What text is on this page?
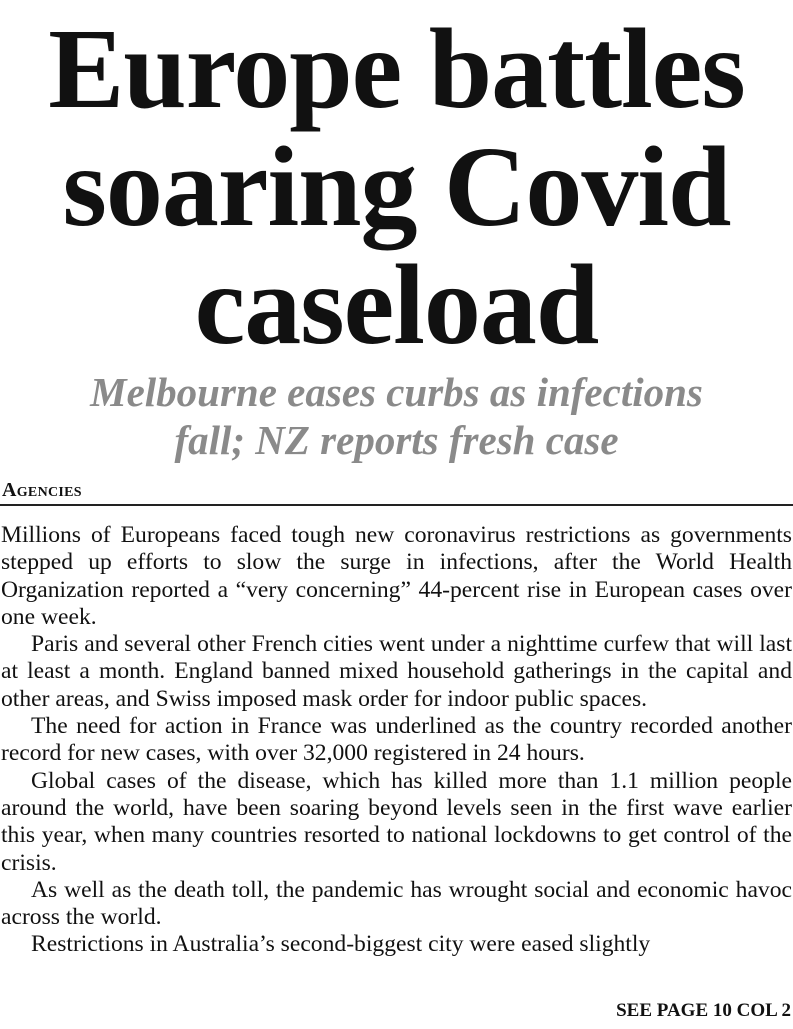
Europe battles
soaring Covid
caseload
Melbourne eases curbs as infections
fall; NZ reports fresh case
Agencies

Millions of Europeans faced tough new coronavirus restrictions as governments stepped up efforts to slow the surge in infections, after the World Health Organization reported a “very concerning” 44-percent rise in European cases over one week.

Paris and several other French cities went under a nighttime curfew that will last at least a month. England banned mixed household gatherings in the capital and other areas, and Swiss imposed mask order for indoor public spaces.

The need for action in France was underlined as the country recorded another record for new cases, with over 32,000 registered in 24 hours.

Global cases of the disease, which has killed more than 1.1 million people around the world, have been soaring beyond levels seen in the first wave earlier this year, when many countries resorted to national lockdowns to get control of the crisis.

As well as the death toll, the pandemic has wrought social and economic havoc across the world.

Restrictions in Australia’s second-biggest city were eased slightly

SEE PAGE 10 COL 2
